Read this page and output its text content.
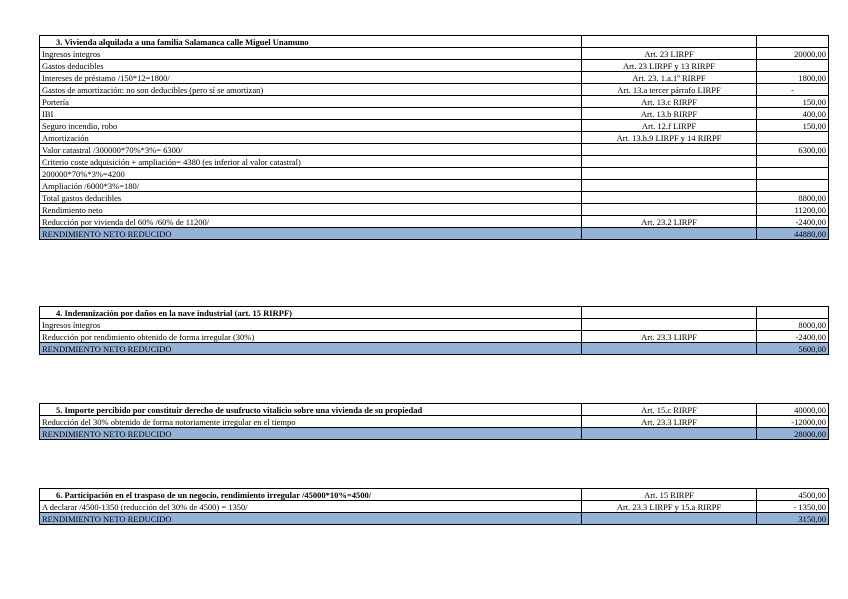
3. Vivienda alquilada a una familia Salamanca calle Miguel Unamuno		
Ingresos íntegros	Art. 23 LIRPF	20000,00
Gastos deducibles	Art. 23 LIRPF y 13 RIRPF	
Intereses de préstamo /150*12=1800/	Art. 23. 1.a.1º RIRPF	1800,00
Gastos de amortización: no son deducibles (pero sí se amortizan)	Art. 13.a tercer párrafo LIRPF	-
Portería	Art. 13.c RIRPF	150,00
IBI	Art. 13.b RIRPF	400,00
Seguro incendio, robo	Art. 12.f LIRPF	150,00
Amortización	Art. 13.h.9 LIRPF y 14 RIRPF	
Valor catastral /300000*70%*3%= 6300/		6300,00
Criterio coste adquisición + ampliación= 4380 (es inferior al valor catastral)		
200000*70%*3%=4200		
Ampliación /6000*3%=180/		
Total gastos deducibles		8800,00
Rendimiento neto		11200,00
Reducción por vivienda del 60% /60% de 11200/	Art. 23.2 LIRPF	-2400,00
RENDIMIENTO NETO REDUCIDO		44880,00
4. Indemnización por daños en la nave industrial (art. 15 RIRPF)		
Ingresos íntegros		8000,00
Reducción por rendimiento obtenido de forma irregular (30%)	Art. 23.3 LIRPF	-2400,00
RENDIMIENTO NETO REDUCIDO		5600,00
5. Importe percibido por constituir derecho de usufructo vitalicio sobre una vivienda de su propiedad	Art. 15.c RIRPF	40000,00
Reducción del 30% obtenido de forma notoriamente irregular en el tiempo	Art. 23.3 LIRPF	-12000,00
RENDIMIENTO NETO REDUCIDO		28000,00
6. Participación en el traspaso de un negocio, rendimiento irregular /45000*10%=4500/	Art. 15 RIRPF	4500,00
A declarar /4500-1350 (reducción del 30% de 4500) = 1350/	Art. 23.3 LIRPF y 15.a RIRPF	- 1350,00
RENDIMIENTO NETO REDUCIDO		3150,00
